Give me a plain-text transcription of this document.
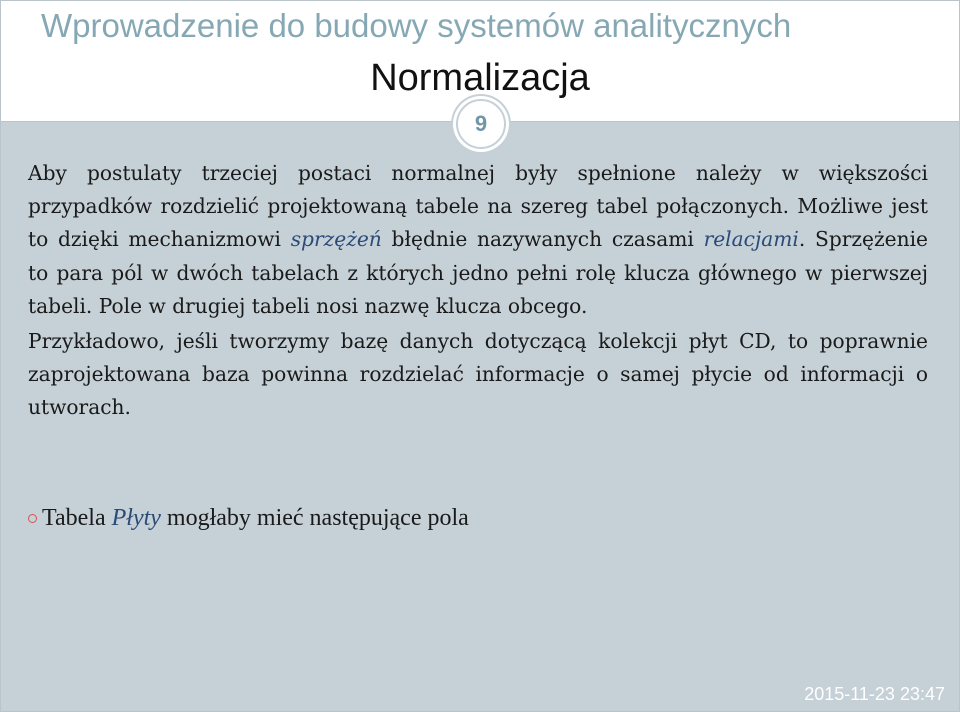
Wprowadzenie do budowy systemów analitycznych
Normalizacja
9

Aby postulaty trzeciej postaci normalnej były spełnione należy w większości przypadków rozdzielić projektowaną tabele na szereg tabel połączonych. Możliwe jest to dzięki mechanizmowi sprzężeń błędnie nazywanych czasami relacjami. Sprzężenie to para pól w dwóch tabelach z których jedno pełni rolę klucza głównego w pierwszej tabeli. Pole w drugiej tabeli nosi nazwę klucza obcego.

Przykładowo, jeśli tworzymy bazę danych dotyczącą kolekcji płyt CD, to poprawnie zaprojektowana baza powinna rozdzielać informacje o samej płycie od informacji o utworach.

Tabela Płyty mogłaby mieć następujące pola
2015-11-23 23:47
